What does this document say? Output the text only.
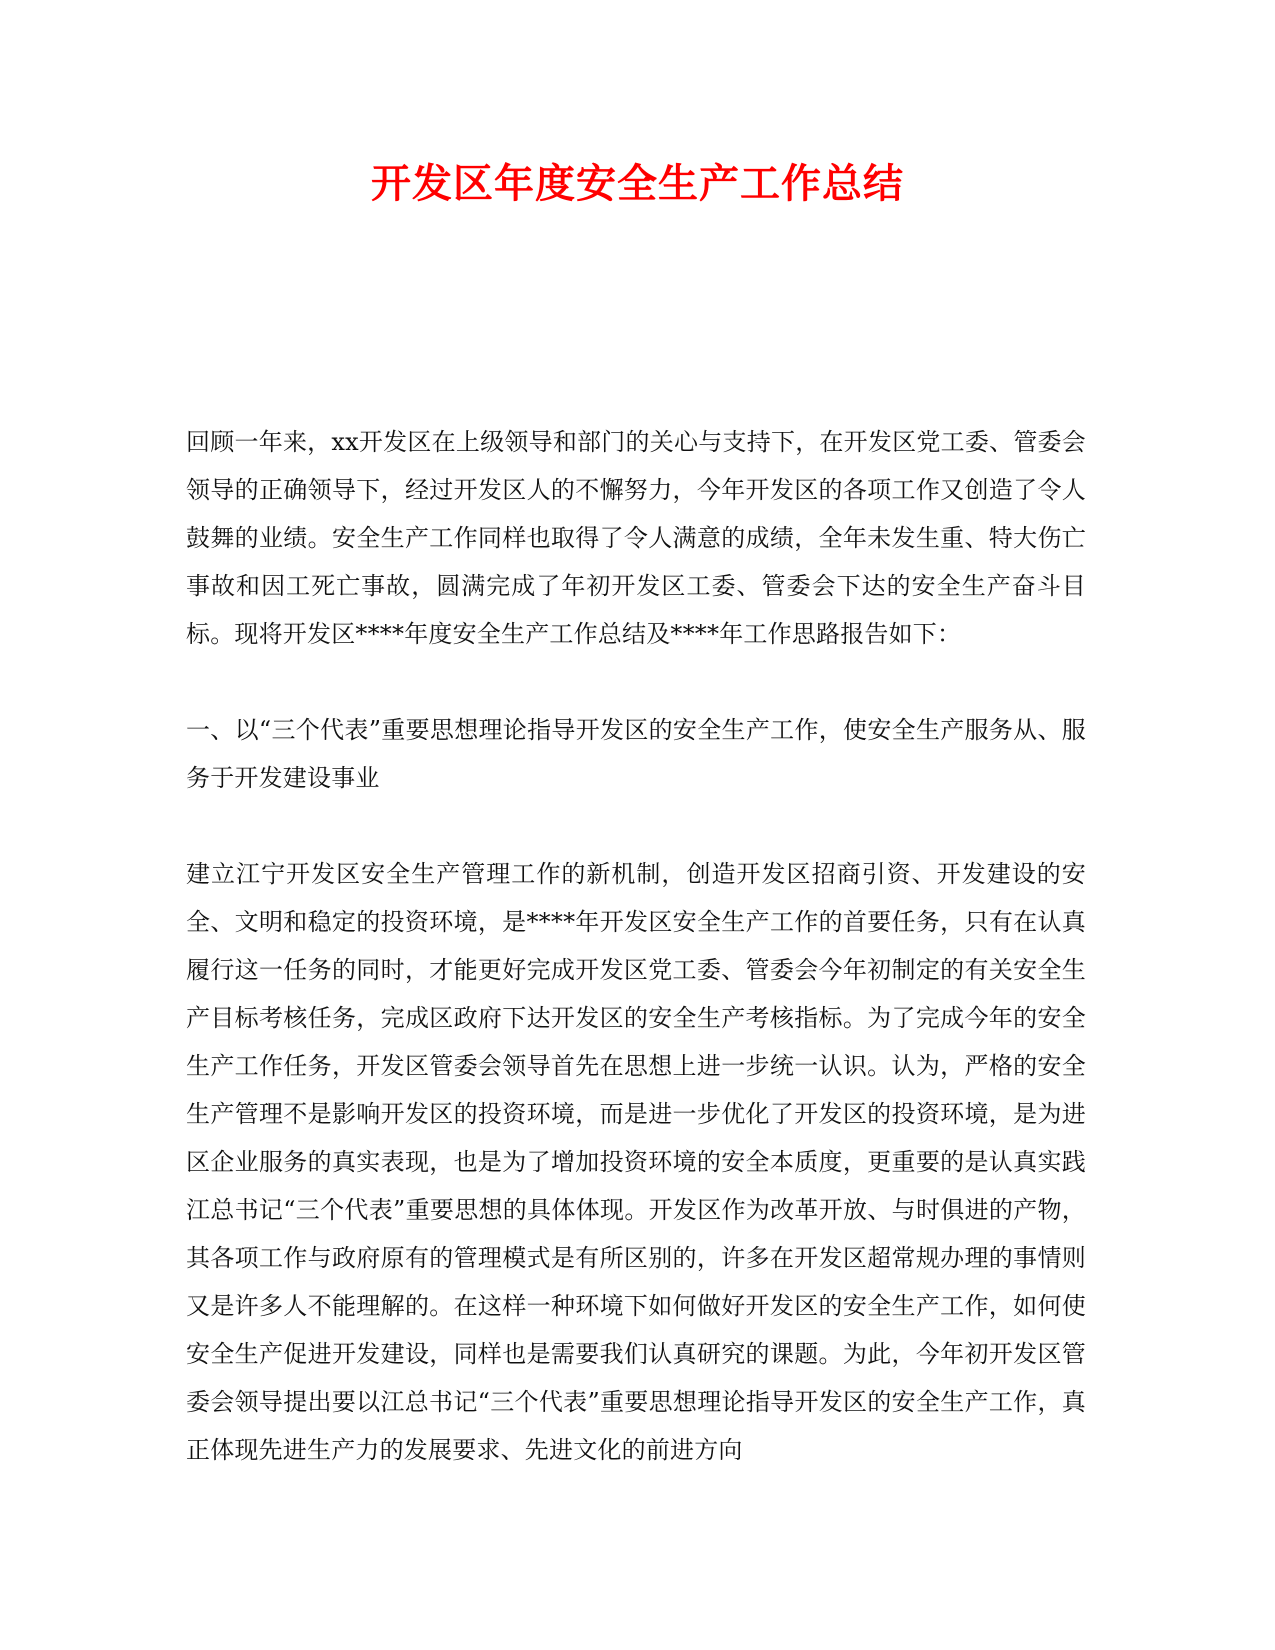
开发区年度安全生产工作总结
回顾一年来，xx开发区在上级领导和部门的关心与支持下，在开发区党工委、管委会领导的正确领导下，经过开发区人的不懈努力，今年开发区的各项工作又创造了令人鼓舞的业绩。安全生产工作同样也取得了令人满意的成绩，全年未发生重、特大伤亡事故和因工死亡事故，圆满完成了年初开发区工委、管委会下达的安全生产奋斗目标。现将开发区****年度安全生产工作总结及****年工作思路报告如下：
一、以“三个代表”重要思想理论指导开发区的安全生产工作，使安全生产服务从、服务于开发建设事业
建立江宁开发区安全生产管理工作的新机制，创造开发区招商引资、开发建设的安全、文明和稳定的投资环境，是****年开发区安全生产工作的首要任务，只有在认真履行这一任务的同时，才能更好完成开发区党工委、管委会今年初制定的有关安全生产目标考核任务，完成区政府下达开发区的安全生产考核指标。为了完成今年的安全生产工作任务，开发区管委会领导首先在思想上进一步统一认识。认为，严格的安全生产管理不是影响开发区的投资环境，而是进一步优化了开发区的投资环境，是为进区企业服务的真实表现，也是为了增加投资环境的安全本质度，更重要的是认真实践江总书记“三个代表”重要思想的具体体现。开发区作为改革开放、与时俱进的产物，其各项工作与政府原有的管理模式是有所区别的，许多在开发区超常规办理的事情则又是许多人不能理解的。在这样一种环境下如何做好开发区的安全生产工作，如何使安全生产促进开发建设，同样也是需要我们认真研究的课题。为此，今年初开发区管委会领导提出要以江总书记“三个代表”重要思想理论指导开发区的安全生产工作，真正体现先进生产力的发展要求、先进文化的前进方向
